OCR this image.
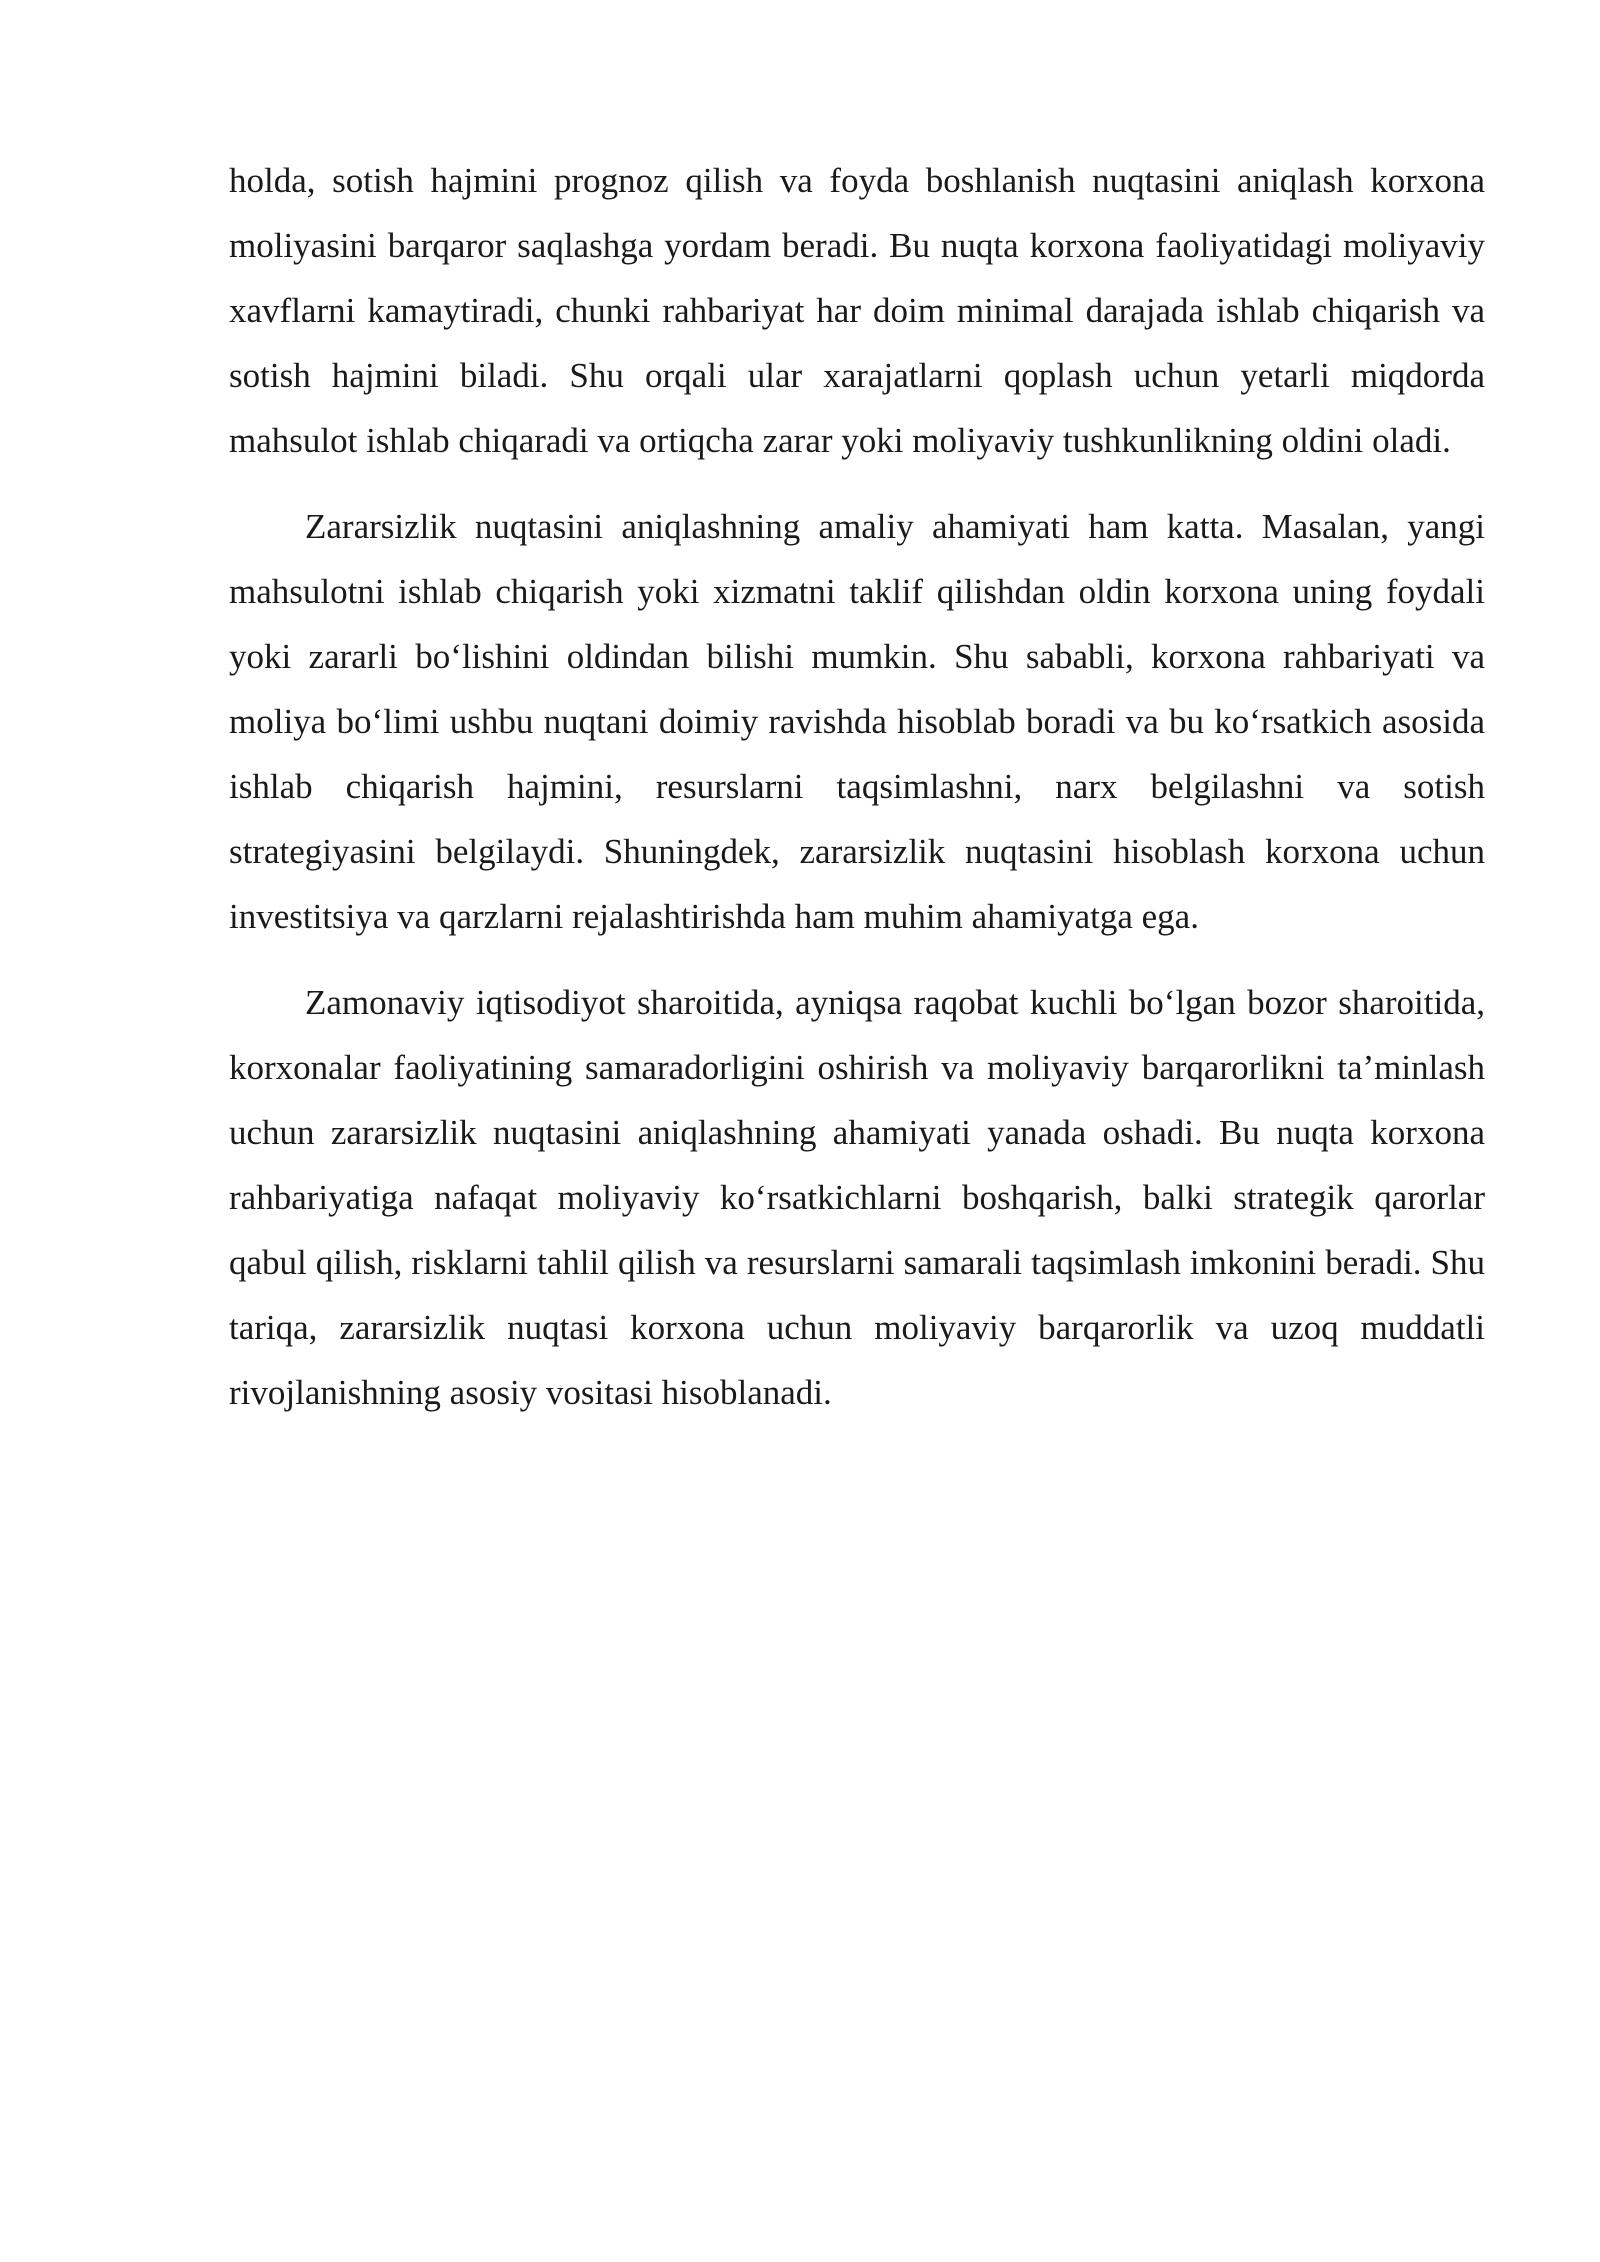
holda, sotish hajmini prognoz qilish va foyda boshlanish nuqtasini aniqlash korxona moliyasini barqaror saqlashga yordam beradi. Bu nuqta korxona faoliyatidagi moliyaviy xavflarni kamaytiradi, chunki rahbariyat har doim minimal darajada ishlab chiqarish va sotish hajmini biladi. Shu orqali ular xarajatlarni qoplash uchun yetarli miqdorda mahsulot ishlab chiqaradi va ortiqcha zarar yoki moliyaviy tushkunlikning oldini oladi.

Zararsizlik nuqtasini aniqlashning amaliy ahamiyati ham katta. Masalan, yangi mahsulotni ishlab chiqarish yoki xizmatni taklif qilishdan oldin korxona uning foydali yoki zararli bo‘lishini oldindan bilishi mumkin. Shu sababli, korxona rahbariyati va moliya bo‘limi ushbu nuqtani doimiy ravishda hisoblab boradi va bu ko‘rsatkich asosida ishlab chiqarish hajmini, resurslarni taqsimlashni, narx belgilashni va sotish strategiyasini belgilaydi. Shuningdek, zararsizlik nuqtasini hisoblash korxona uchun investitsiya va qarzlarni rejalashtirishda ham muhim ahamiyatga ega.

Zamonaviy iqtisodiyot sharoitida, ayniqsa raqobat kuchli bo‘lgan bozor sharoitida, korxonalar faoliyatining samaradorligini oshirish va moliyaviy barqarorlikni ta’minlash uchun zararsizlik nuqtasini aniqlashning ahamiyati yanada oshadi. Bu nuqta korxona rahbariyatiga nafaqat moliyaviy ko‘rsatkichlarni boshqarish, balki strategik qarorlar qabul qilish, risklarni tahlil qilish va resurslarni samarali taqsimlash imkonini beradi. Shu tariqa, zararsizlik nuqtasi korxona uchun moliyaviy barqarorlik va uzoq muddatli rivojlanishning asosiy vositasi hisoblanadi.
